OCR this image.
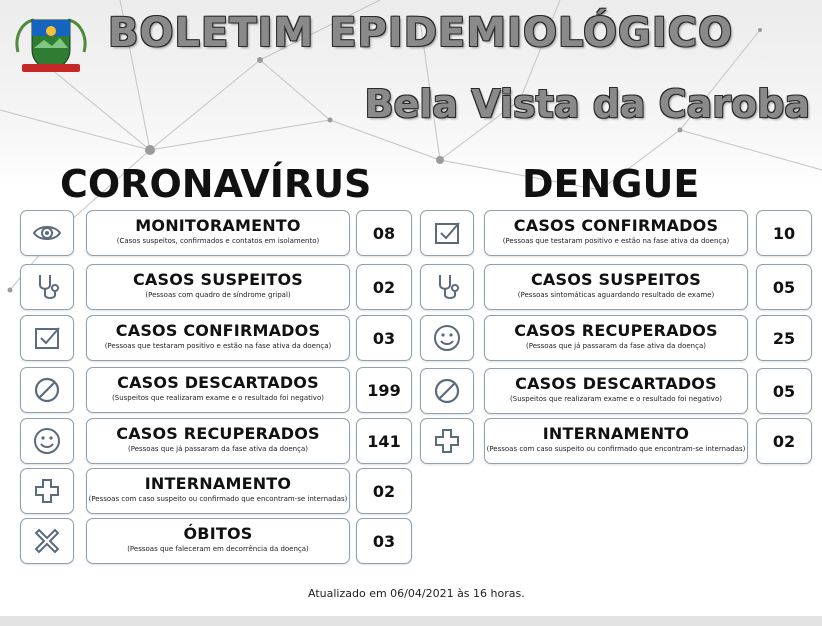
BOLETIM EPIDEMIOLÓGICO
Bela Vista da Caroba
CORONAVÍRUS	DENGUE
MONITORAMENTO
(Casos suspeitos, confirmados e contatos em isolamento)	08
CASOS SUSPEITOS
(Pessoas com quadro de síndrome gripal)	02
CASOS CONFIRMADOS
(Pessoas que testaram positivo e estão na fase ativa da doença)	03
CASOS DESCARTADOS
(Suspeitos que realizaram exame e o resultado foi negativo)	199
CASOS RECUPERADOS
(Pessoas que já passaram da fase ativa da doença)	141
INTERNAMENTO
(Pessoas com caso suspeito ou confirmado que encontram-se internadas)	02
ÓBITOS
(Pessoas que faleceram em decorrência da doença)	03
CASOS CONFIRMADOS
(Pessoas que testaram positivo e estão na fase ativa da doença)	10
CASOS SUSPEITOS
(Pessoas sintomáticas aguardando resultado de exame)	05
CASOS RECUPERADOS
(Pessoas que já passaram da fase ativa da doença)	25
CASOS DESCARTADOS
(Suspeitos que realizaram exame e o resultado foi negativo)	05
INTERNAMENTO
(Pessoas com caso suspeito ou confirmado que encontram-se internadas)	02
Atualizado em 06/04/2021 às 16 horas.
